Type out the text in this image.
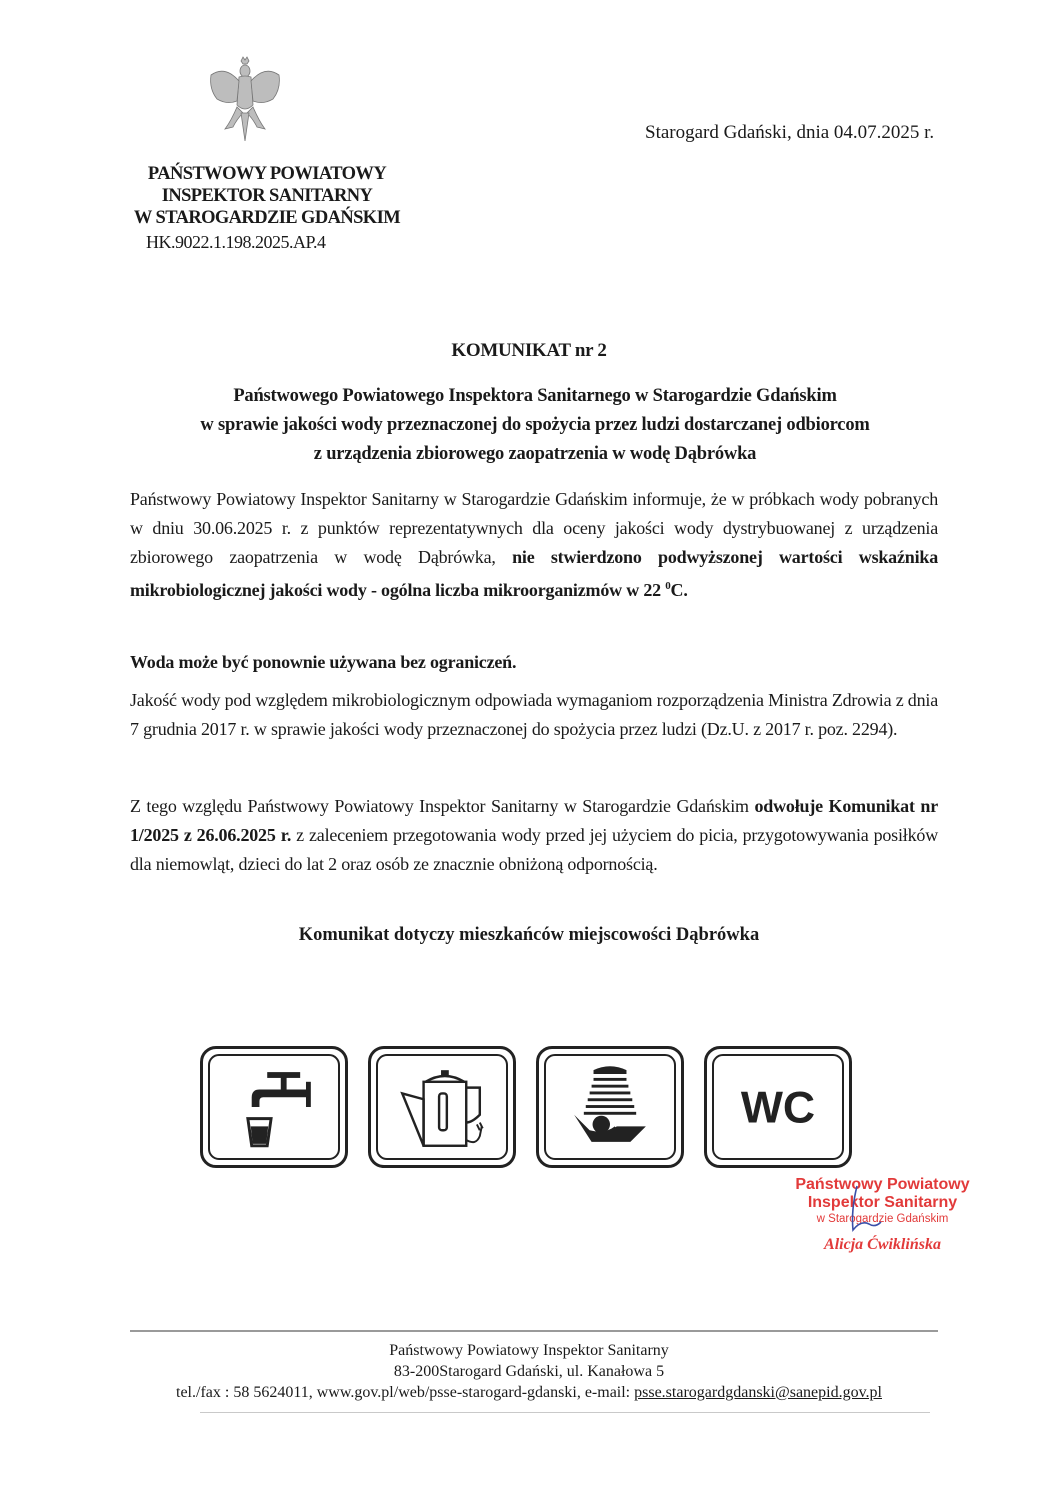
Starogard Gdański, dnia 04.07.2025 r.
PAŃSTWOWY POWIATOWY
INSPEKTOR SANITARNY
W STAROGARDZIE GDAŃSKIM
HK.9022.1.198.2025.AP.4
KOMUNIKAT nr 2
Państwowego Powiatowego Inspektora Sanitarnego w Starogardzie Gdańskim
w sprawie jakości wody przeznaczonej do spożycia przez ludzi dostarczanej odbiorcom
z urządzenia zbiorowego zaopatrzenia w wodę Dąbrówka
Państwowy Powiatowy Inspektor Sanitarny w Starogardzie Gdańskim informuje, że w próbkach wody pobranych w dniu 30.06.2025 r. z punktów reprezentatywnych dla oceny jakości wody dystrybuowanej z urządzenia zbiorowego zaopatrzenia w wodę Dąbrówka, nie stwierdzono podwyższonej wartości wskaźnika mikrobiologicznej jakości wody - ogólna liczba mikroorganizmów w 22 $^0$C.
Woda może być ponownie używana bez ograniczeń.
Jakość wody pod względem mikrobiologicznym odpowiada wymaganiom rozporządzenia Ministra Zdrowia z dnia 7 grudnia 2017 r. w sprawie jakości wody przeznaczonej do spożycia przez ludzi (Dz.U. z 2017 r. poz. 2294).
Z tego względu Państwowy Powiatowy Inspektor Sanitarny w Starogardzie Gdańskim odwołuje Komunikat nr 1/2025 z 26.06.2025 r. z zaleceniem przegotowania wody przed jej użyciem do picia, przygotowywania posiłków dla niemowląt, dzieci do lat 2 oraz osób ze znacznie obniżoną odpornością.
Komunikat dotyczy mieszkańców miejscowości Dąbrówka
WC
Państwowy Powiatowy
Inspektor Sanitarny
w Starogardzie Gdańskim
Alicja Ćwiklińska
Państwowy Powiatowy Inspektor Sanitarny
83-200Starogard Gdański, ul. Kanałowa 5
tel./fax : 58 5624011, www.gov.pl/web/psse-starogard-gdanski, e-mail: psse.starogardgdanski@sanepid.gov.pl
